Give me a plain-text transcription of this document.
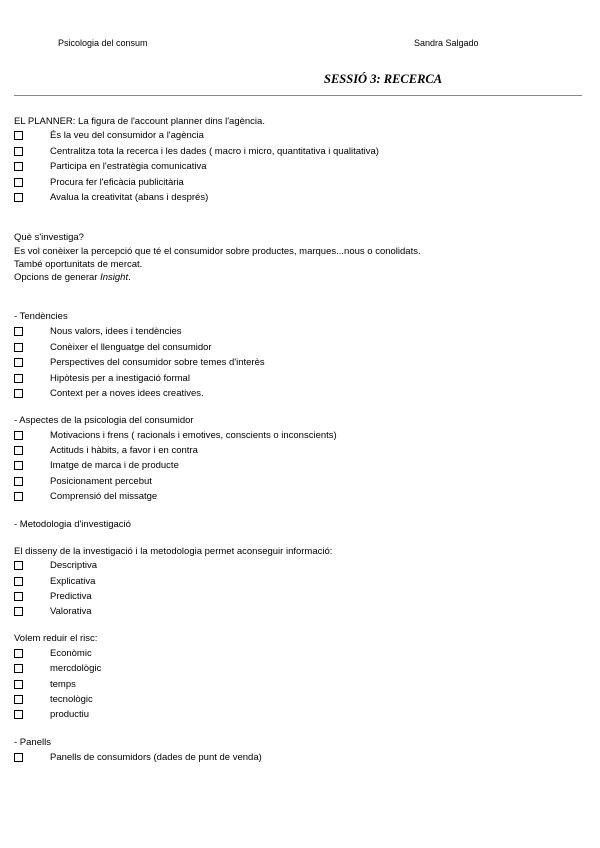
Psicologia del consum	Sandra Salgado
SESSIÓ 3: RECERCA
EL PLANNER: La figura de l'account planner dins l'agència.
És la veu del consumidor a l'agència
Centralitza tota la recerca i les dades ( macro i micro, quantitativa i qualitativa)
Participa en l'estratègia comunicativa
Procura fer l'eficàcia publicitària
Avalua la creativitat (abans i després)
Què s'investiga?
Es vol conèixer la percepció que té el consumidor sobre productes, marques...nous o conolidats.
També oportunitats de mercat.
Opcions de generar Insight.
- Tendències
Nous valors, idees i tendències
Conèixer el llenguatge del consumidor
Perspectives del consumidor sobre temes d'interès
Hipòtesis per a inestigació formal
Context per a noves idees creatives.
- Aspectes de la psicologia del consumidor
Motivacions i frens ( racionals i emotives, conscients o inconscients)
Actituds i hàbits, a favor i en contra
Imatge de marca i de producte
Posicionament percebut
Comprensió del missatge
- Metodologia d'investigació
El disseny de la investigació i la metodologia permet aconseguir informació:
Descriptiva
Explicativa
Predictiva
Valorativa
Volem reduir el risc:
Econòmic
mercdològic
temps
tecnològic
productiu
- Panells
Panells de consumidors (dades de punt de venda)
